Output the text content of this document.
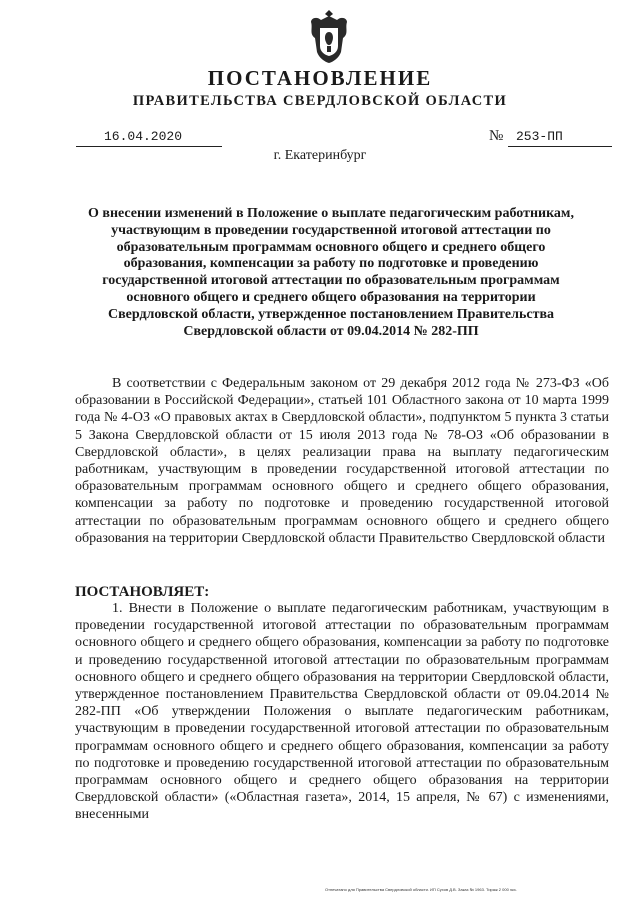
ПОСТАНОВЛЕНИЕ
ПРАВИТЕЛЬСТВА СВЕРДЛОВСКОЙ ОБЛАСТИ
16.04.2020	№ 253-ПП
г. Екатеринбург
О внесении изменений в Положение о выплате педагогическим работникам, участвующим в проведении государственной итоговой аттестации по образовательным программам основного общего и среднего общего образования, компенсации за работу по подготовке и проведению государственной итоговой аттестации по образовательным программам основного общего и среднего общего образования на территории Свердловской области, утвержденное постановлением Правительства Свердловской области от 09.04.2014 № 282-ПП
В соответствии с Федеральным законом от 29 декабря 2012 года № 273-ФЗ «Об образовании в Российской Федерации», статьей 101 Областного закона от 10 марта 1999 года № 4-ОЗ «О правовых актах в Свердловской области», подпунктом 5 пункта 3 статьи 5 Закона Свердловской области от 15 июля 2013 года № 78-ОЗ «Об образовании в Свердловской области», в целях реализации права на выплату педагогическим работникам, участвующим в проведении государственной итоговой аттестации по образовательным программам основного общего и среднего общего образования, компенсации за работу по подготовке и проведению государственной итоговой аттестации по образовательным программам основного общего и среднего общего образования на территории Свердловской области Правительство Свердловской области
ПОСТАНОВЛЯЕТ:
1. Внести в Положение о выплате педагогическим работникам, участвующим в проведении государственной итоговой аттестации по образовательным программам основного общего и среднего общего образования, компенсации за работу по подготовке и проведению государственной итоговой аттестации по образовательным программам основного общего и среднего общего образования на территории Свердловской области, утвержденное постановлением Правительства Свердловской области от 09.04.2014 № 282-ПП «Об утверждении Положения о выплате педагогическим работникам, участвующим в проведении государственной итоговой аттестации по образовательным программам основного общего и среднего общего образования, компенсации за работу по подготовке и проведению государственной итоговой аттестации по образовательным программам основного общего и среднего общего образования на территории Свердловской области» («Областная газета», 2014, 15 апреля, № 67) с изменениями, внесенными
Отпечатано для Правительства Свердловской области. ИП Сухов Д.В. Заказ № 1963. Тираж 2 000 экз.
